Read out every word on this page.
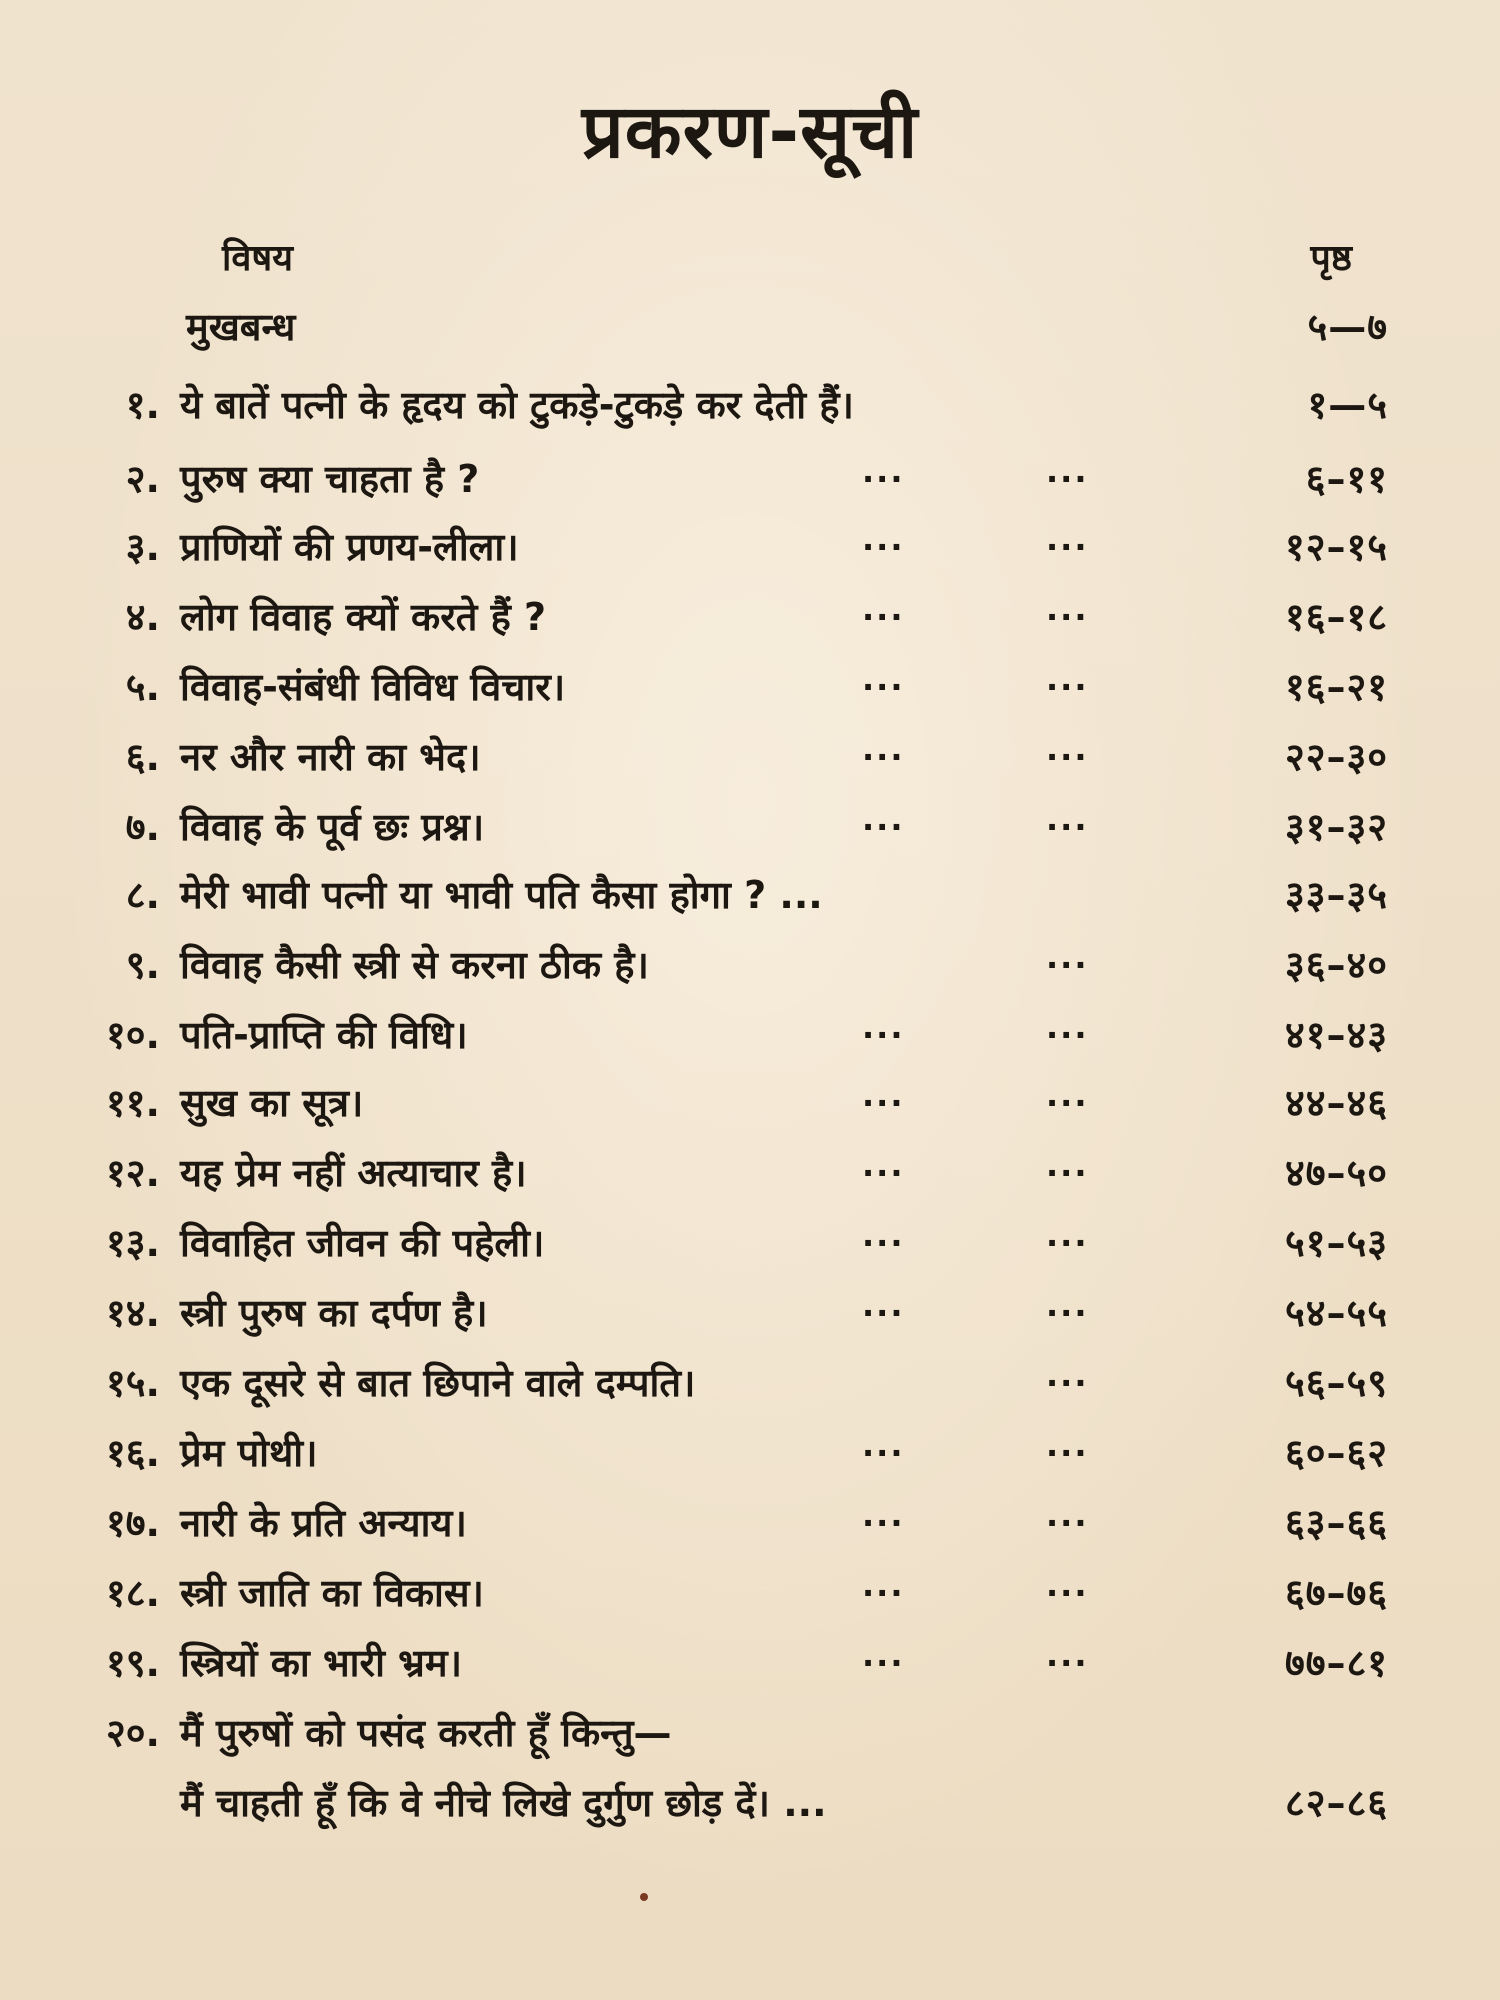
प्रकरण-सूची
विषय	पृष्ठ
मुखबन्ध	५—७
१. ये बातें पत्नी के हृदय को टुकड़े-टुकड़े कर देती हैं।	१—५
२. पुरुष क्या चाहता है ?	...	...	६–११
३. प्राणियों की प्रणय-लीला।	...	...	१२–१५
४. लोग विवाह क्यों करते हैं ?	...	...	१६–१८
५. विवाह-संबंधी विविध विचार।	...	...	१६–२१
६. नर और नारी का भेद।	...	...	२२–३०
७. विवाह के पूर्व छः प्रश्न।	...	...	३१–३२
८. मेरी भावी पत्नी या भावी पति कैसा होगा ? ...	३३–३५
९. विवाह कैसी स्त्री से करना ठीक है।	...	३६–४०
१०. पति-प्राप्ति की विधि।	...	...	४१–४३
११. सुख का सूत्र।	...	...	४४–४६
१२. यह प्रेम नहीं अत्याचार है।	...	...	४७–५०
१३. विवाहित जीवन की पहेली।	...	...	५१–५३
१४. स्त्री पुरुष का दर्पण है।	...	...	५४–५५
१५. एक दूसरे से बात छिपाने वाले दम्पति।	...	५६–५९
१६. प्रेम पोथी।	...	...	६०–६२
१७. नारी के प्रति अन्याय।	...	...	६३–६६
१८. स्त्री जाति का विकास।	...	...	६७–७६
१९. स्त्रियों का भारी भ्रम।	...	...	७७–८१
२०. मैं पुरुषों को पसंद करती हूँ किन्तु—
मैं चाहती हूँ कि वे नीचे लिखे दुर्गुण छोड़ दें। ...	८२–८६
